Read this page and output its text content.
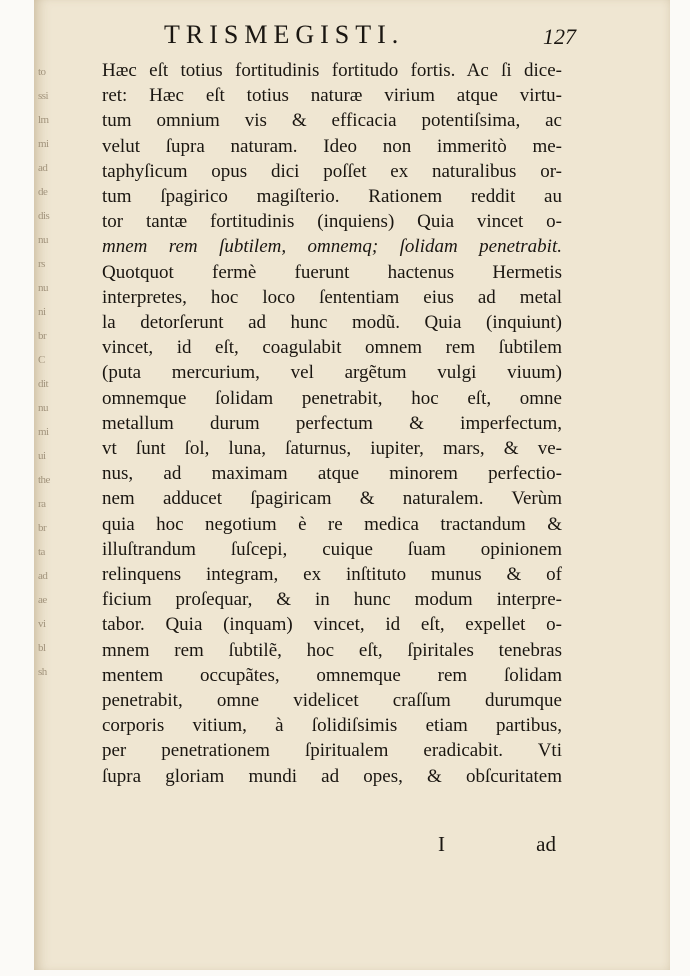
to
ssi
lm
mi
ad
de
dis
nu
rs
nu
ni
br
C
dit
nu
mi
ui
the
ra
br
ta
ad
ae
vi
bl
sh
TRISMEGISTI.	127
Hæc eſt totius fortitudinis fortitudo fortis. Ac ſi dice-
ret: Hæc eſt totius naturæ virium atque virtu-
tum omnium vis & efficacia potentiſsima, ac
velut ſupra naturam. Ideo non immeritò me-
taphyſicum opus dici poſſet ex naturalibus or-
tum ſpagirico magiſterio. Rationem reddit au
tor tantæ fortitudinis (inquiens) Quia vincet o-
mnem rem ſubtilem, omnemq; ſolidam penetrabit.
Quotquot fermè fuerunt hactenus Hermetis
interpretes, hoc loco ſententiam eius ad metal
la detorſerunt ad hunc modũ. Quia (inquiunt)
vincet, id eſt, coagulabit omnem rem ſubtilem
(puta mercurium, vel argẽtum vulgi viuum)
omnemque ſolidam penetrabit, hoc eſt, omne
metallum durum perfectum & imperfectum,
vt ſunt ſol, luna, ſaturnus, iupiter, mars, & ve-
nus, ad maximam atque minorem perfectio-
nem adducet ſpagiricam & naturalem. Verùm
quia hoc negotium è re medica tractandum &
illuſtrandum ſuſcepi, cuique ſuam opinionem
relinquens integram, ex inſtituto munus & of
ficium proſequar, & in hunc modum interpre-
tabor. Quia (inquam) vincet, id eſt, expellet o-
mnem rem ſubtilẽ, hoc eſt, ſpiritales tenebras
mentem occupãtes, omnemque rem ſolidam
penetrabit, omne videlicet craſſum durumque
corporis vitium, à ſolidiſsimis etiam partibus,
per penetrationem ſpiritualem eradicabit. Vti
ſupra gloriam mundi ad opes, & obſcuritatem
I	ad
